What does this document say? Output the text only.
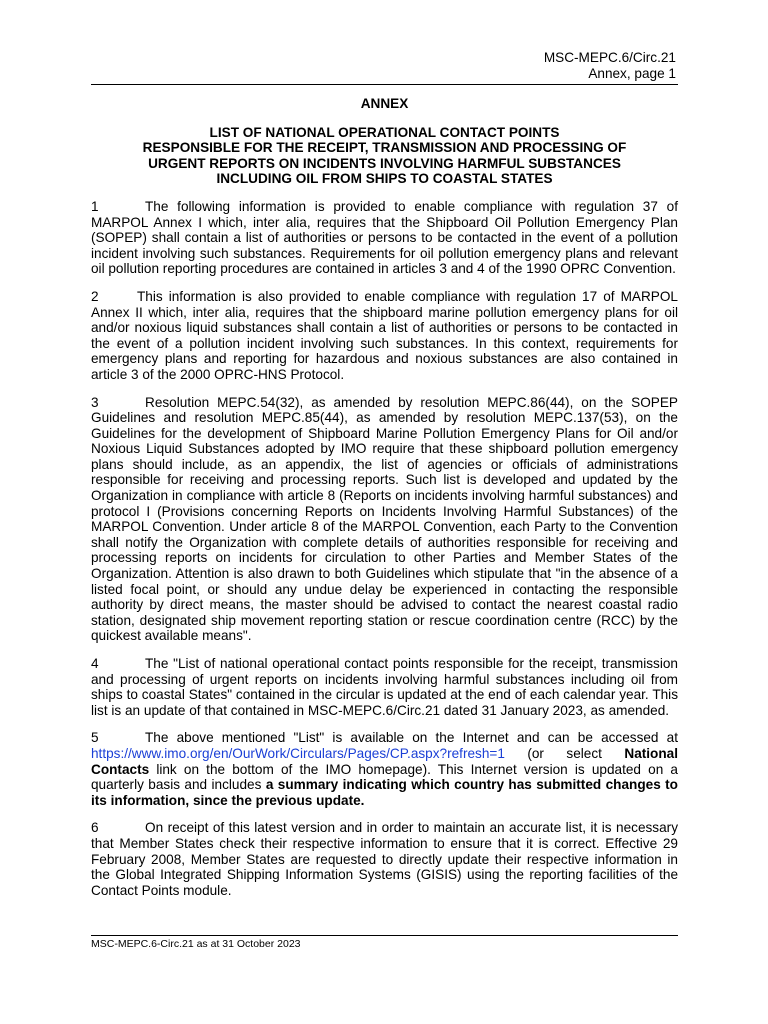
MSC-MEPC.6/Circ.21
Annex, page 1
ANNEX
LIST OF NATIONAL OPERATIONAL CONTACT POINTS
RESPONSIBLE FOR THE RECEIPT, TRANSMISSION AND PROCESSING OF
URGENT REPORTS ON INCIDENTS INVOLVING HARMFUL SUBSTANCES
INCLUDING OIL FROM SHIPS TO COASTAL STATES

1	The following information is provided to enable compliance with regulation 37 of MARPOL Annex I which, inter alia, requires that the Shipboard Oil Pollution Emergency Plan (SOPEP) shall contain a list of authorities or persons to be contacted in the event of a pollution incident involving such substances. Requirements for oil pollution emergency plans and relevant oil pollution reporting procedures are contained in articles 3 and 4 of the 1990 OPRC Convention.

2	This information is also provided to enable compliance with regulation 17 of MARPOL Annex II which, inter alia, requires that the shipboard marine pollution emergency plans for oil and/or noxious liquid substances shall contain a list of authorities or persons to be contacted in the event of a pollution incident involving such substances. In this context, requirements for emergency plans and reporting for hazardous and noxious substances are also contained in article 3 of the 2000 OPRC-HNS Protocol.

3	Resolution MEPC.54(32), as amended by resolution MEPC.86(44), on the SOPEP Guidelines and resolution MEPC.85(44), as amended by resolution MEPC.137(53), on the Guidelines for the development of Shipboard Marine Pollution Emergency Plans for Oil and/or Noxious Liquid Substances adopted by IMO require that these shipboard pollution emergency plans should include, as an appendix, the list of agencies or officials of administrations responsible for receiving and processing reports. Such list is developed and updated by the Organization in compliance with article 8 (Reports on incidents involving harmful substances) and protocol I (Provisions concerning Reports on Incidents Involving Harmful Substances) of the MARPOL Convention. Under article 8 of the MARPOL Convention, each Party to the Convention shall notify the Organization with complete details of authorities responsible for receiving and processing reports on incidents for circulation to other Parties and Member States of the Organization. Attention is also drawn to both Guidelines which stipulate that "in the absence of a listed focal point, or should any undue delay be experienced in contacting the responsible authority by direct means, the master should be advised to contact the nearest coastal radio station, designated ship movement reporting station or rescue coordination centre (RCC) by the quickest available means".

4	The "List of national operational contact points responsible for the receipt, transmission and processing of urgent reports on incidents involving harmful substances including oil from ships to coastal States" contained in the circular is updated at the end of each calendar year. This list is an update of that contained in MSC-MEPC.6/Circ.21 dated 31 January 2023, as amended.

5	The above mentioned "List" is available on the Internet and can be accessed at https://www.imo.org/en/OurWork/Circulars/Pages/CP.aspx?refresh=1 (or select National Contacts link on the bottom of the IMO homepage). This Internet version is updated on a quarterly basis and includes a summary indicating which country has submitted changes to its information, since the previous update.

6	On receipt of this latest version and in order to maintain an accurate list, it is necessary that Member States check their respective information to ensure that it is correct. Effective 29 February 2008, Member States are requested to directly update their respective information in the Global Integrated Shipping Information Systems (GISIS) using the reporting facilities of the Contact Points module.

MSC-MEPC.6-Circ.21 as at 31 October 2023
